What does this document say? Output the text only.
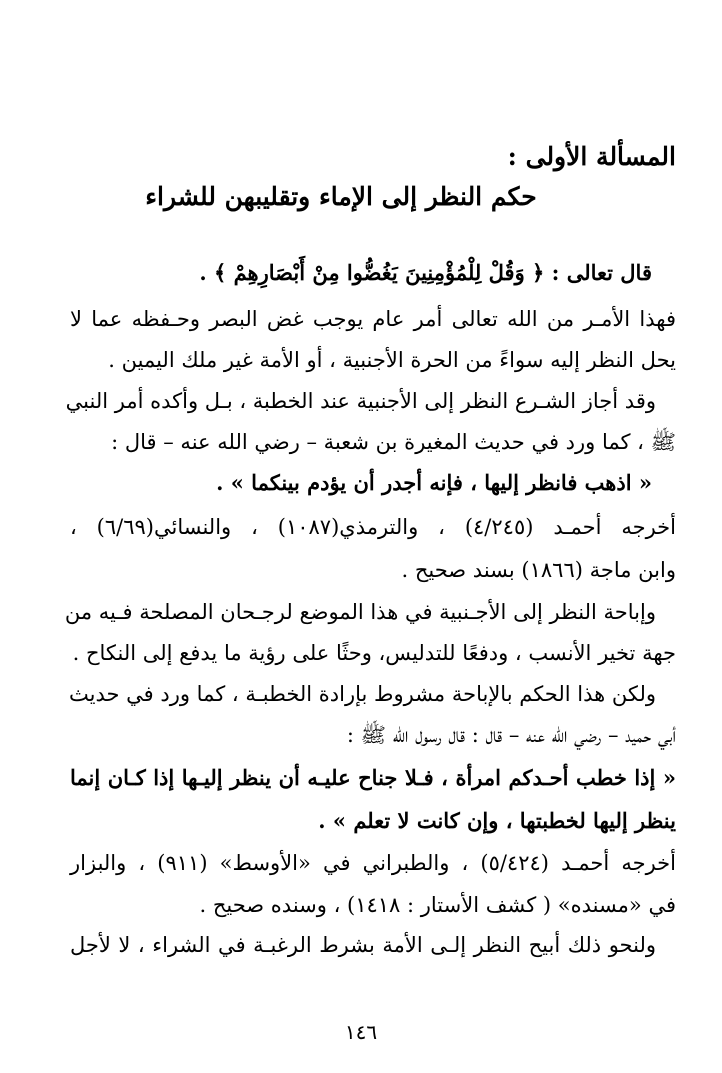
المسألة الأولى :
حكم النظر إلى الإماء وتقليبهن للشراء
قال تعالى : ﴿ وَقُلْ لِلْمُؤْمِنِينَ يَغُضُّوا مِنْ أَبْصَارِهِمْ ﴾ .
فهذا الأمـر من الله تعالى أمر عام يوجب غض البصر وحـفظه عما لا
يحل النظر إليه سواءً من الحرة الأجنبية ، أو الأمة غير ملك اليمين .
وقد أجاز الشـرع النظر إلى الأجنبية عند الخطبة ، بـل وأكده أمر النبي
ﷺ ، كما ورد في حديث المغيرة بن شعبة – رضي الله عنه – قال :
« اذهب فانظر إليها ، فإنه أجدر أن يؤدم بينكما » .
أخرجه أحمـد (٤/٢٤٥) ، والترمذي(١٠٨٧) ، والنسائي(٦/٦٩) ،
وابن ماجة (١٨٦٦) بسند صحيح .
وإباحة النظر إلى الأجـنبية في هذا الموضع لرجـحان المصلحة فـيه من
جهة تخير الأنسب ، ودفعًا للتدليس، وحثًا على رؤية ما يدفع إلى النكاح .
ولكن هذا الحكم بالإباحة مشروط بإرادة الخطبـة ، كما ورد في حديث
أبي حميد – رضي الله عنه – قال : قال رسول الله ﷺ :
« إذا خطب أحـدكم امرأة ، فـلا جناح عليـه أن ينظر إليـها إذا كـان إنما
ينظر إليها لخطبتها ، وإن كانت لا تعلم » .
أخرجه أحمـد (٥/٤٢٤) ، والطبراني في «الأوسط» (٩١١) ، والبزار
في «مسنده» ( كشف الأستار : ١٤١٨) ، وسنده صحيح .
ولنحو ذلك أبيح النظر إلـى الأمة بشرط الرغبـة في الشراء ، لا لأجل
١٤٦
